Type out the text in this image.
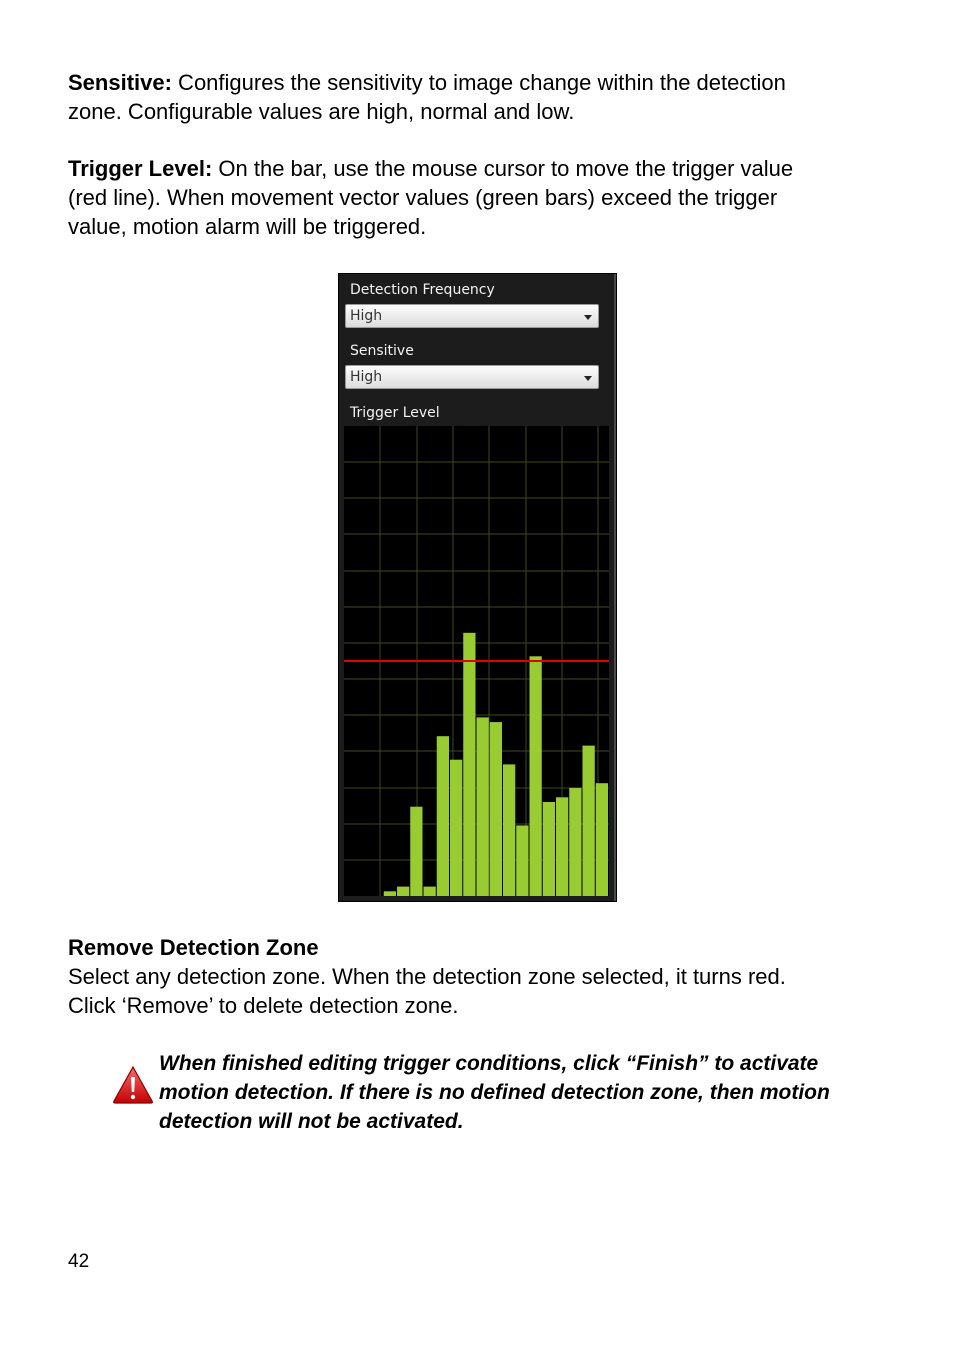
Sensitive: Configures the sensitivity to image change within the detection zone. Configurable values are high, normal and low.

Trigger Level: On the bar, use the mouse cursor to move the trigger value (red line). When movement vector values (green bars) exceed the trigger value, motion alarm will be triggered.

Detection Frequency
High
Sensitive
High
Trigger Level

Remove Detection Zone

Select any detection zone. When the detection zone selected, it turns red. Click ‘Remove’ to delete detection zone.

When finished editing trigger conditions, click “Finish” to activate motion detection. If there is no defined detection zone, then motion detection will not be activated.

42
